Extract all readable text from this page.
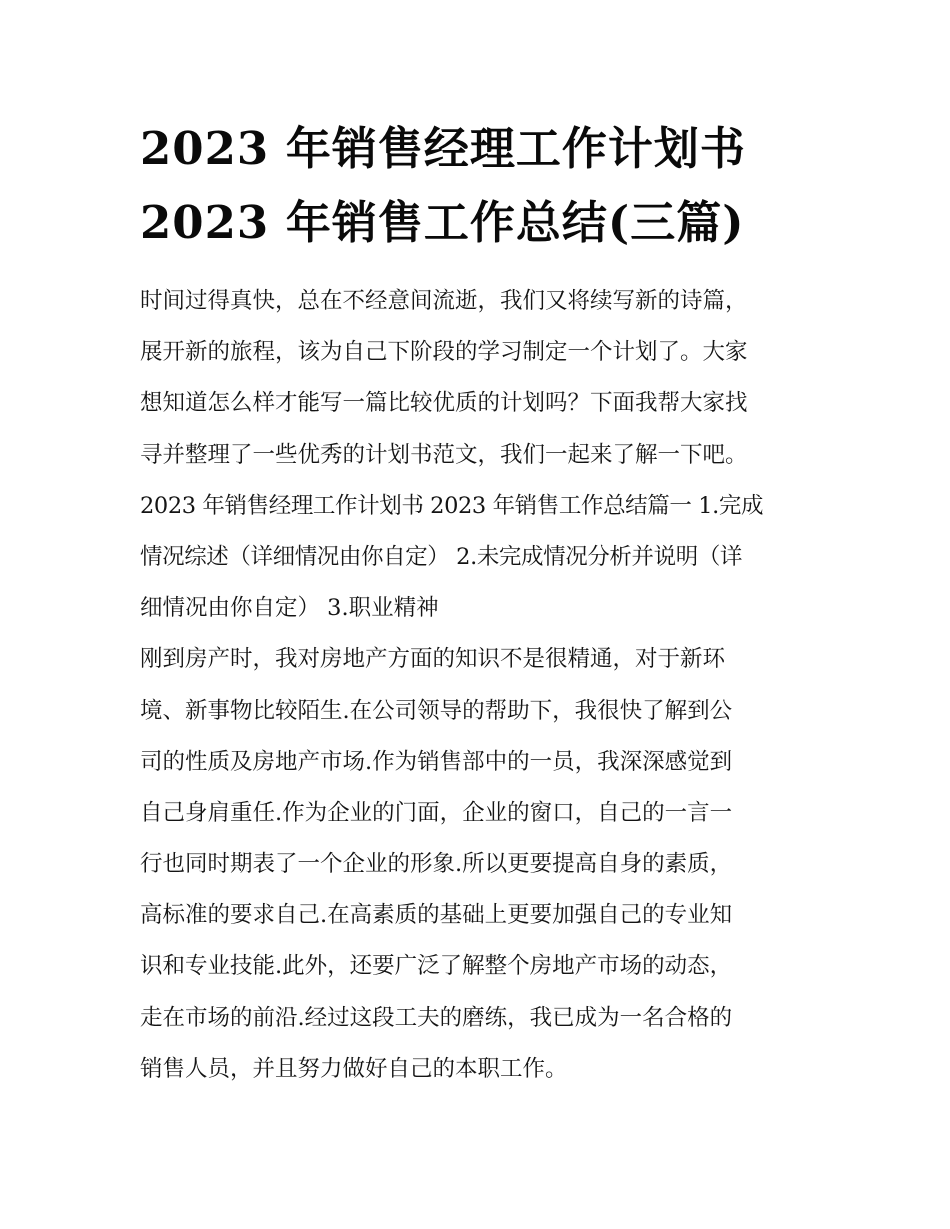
2023 年销售经理工作计划书
2023 年销售工作总结(三篇)
时间过得真快，总在不经意间流逝，我们又将续写新的诗篇，
展开新的旅程，该为自己下阶段的学习制定一个计划了。大家
想知道怎么样才能写一篇比较优质的计划吗？下面我帮大家找
寻并整理了一些优秀的计划书范文，我们一起来了解一下吧。
2023 年销售经理工作计划书 2023 年销售工作总结篇一 1.完成
情况综述（详细情况由你自定） 2.未完成情况分析并说明（详
细情况由你自定） 3.职业精神
刚到房产时，我对房地产方面的知识不是很精通，对于新环
境、新事物比较陌生.在公司领导的帮助下，我很快了解到公
司的性质及房地产市场.作为销售部中的一员，我深深感觉到
自己身肩重任.作为企业的门面，企业的窗口，自己的一言一
行也同时期表了一个企业的形象.所以更要提高自身的素质，
高标准的要求自己.在高素质的基础上更要加强自己的专业知
识和专业技能.此外，还要广泛了解整个房地产市场的动态，
走在市场的前沿.经过这段工夫的磨练，我已成为一名合格的
销售人员，并且努力做好自己的本职工作。
